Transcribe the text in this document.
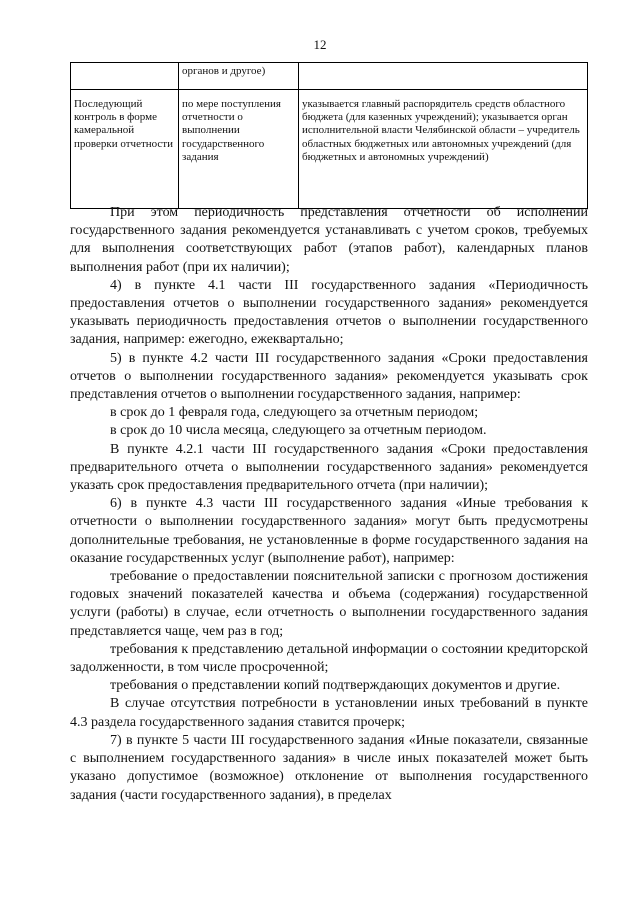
12
	органов и другое)	
Последующий контроль в форме камеральной проверки отчетности	по мере поступления отчетности о выполнении государственного задания	указывается главный распорядитель средств областного бюджета (для казенных учреждений); указывается орган исполнительной власти Челябинской области – учредитель областных бюджетных или автономных учреждений (для бюджетных и автономных учреждений)

При этом периодичность представления отчетности об исполнении государственного задания рекомендуется устанавливать с учетом сроков, требуемых для выполнения соответствующих работ (этапов работ), календарных планов выполнения работ (при их наличии);

4) в пункте 4.1 части III государственного задания «Периодичность предоставления отчетов о выполнении государственного задания» рекомендуется указывать периодичность предоставления отчетов о выполнении государственного задания, например: ежегодно, ежеквартально;

5) в пункте 4.2 части III государственного задания «Сроки предоставления отчетов о выполнении государственного задания» рекомендуется указывать срок представления отчетов о выполнении государственного задания, например:

в срок до 1 февраля года, следующего за отчетным периодом;

в срок до 10 числа месяца, следующего за отчетным периодом.

В пункте 4.2.1 части III государственного задания «Сроки предоставления предварительного отчета о выполнении государственного задания» рекомендуется указать срок предоставления предварительного отчета (при наличии);

6) в пункте 4.3 части III государственного задания «Иные требования к отчетности о выполнении государственного задания» могут быть предусмотрены дополнительные требования, не установленные в форме государственного задания на оказание государственных услуг (выполнение работ), например:

требование о предоставлении пояснительной записки с прогнозом достижения годовых значений показателей качества и объема (содержания) государственной услуги (работы) в случае, если отчетность о выполнении государственного задания представляется чаще, чем раз в год;

требования к представлению детальной информации о состоянии кредиторской задолженности, в том числе просроченной;

требования о представлении копий подтверждающих документов и другие.

В случае отсутствия потребности в установлении иных требований в пункте 4.3 раздела государственного задания ставится прочерк;

7) в пункте 5 части III государственного задания «Иные показатели, связанные с выполнением государственного задания» в числе иных показателей может быть указано допустимое (возможное) отклонение от выполнения государственного задания (части государственного задания), в пределах
